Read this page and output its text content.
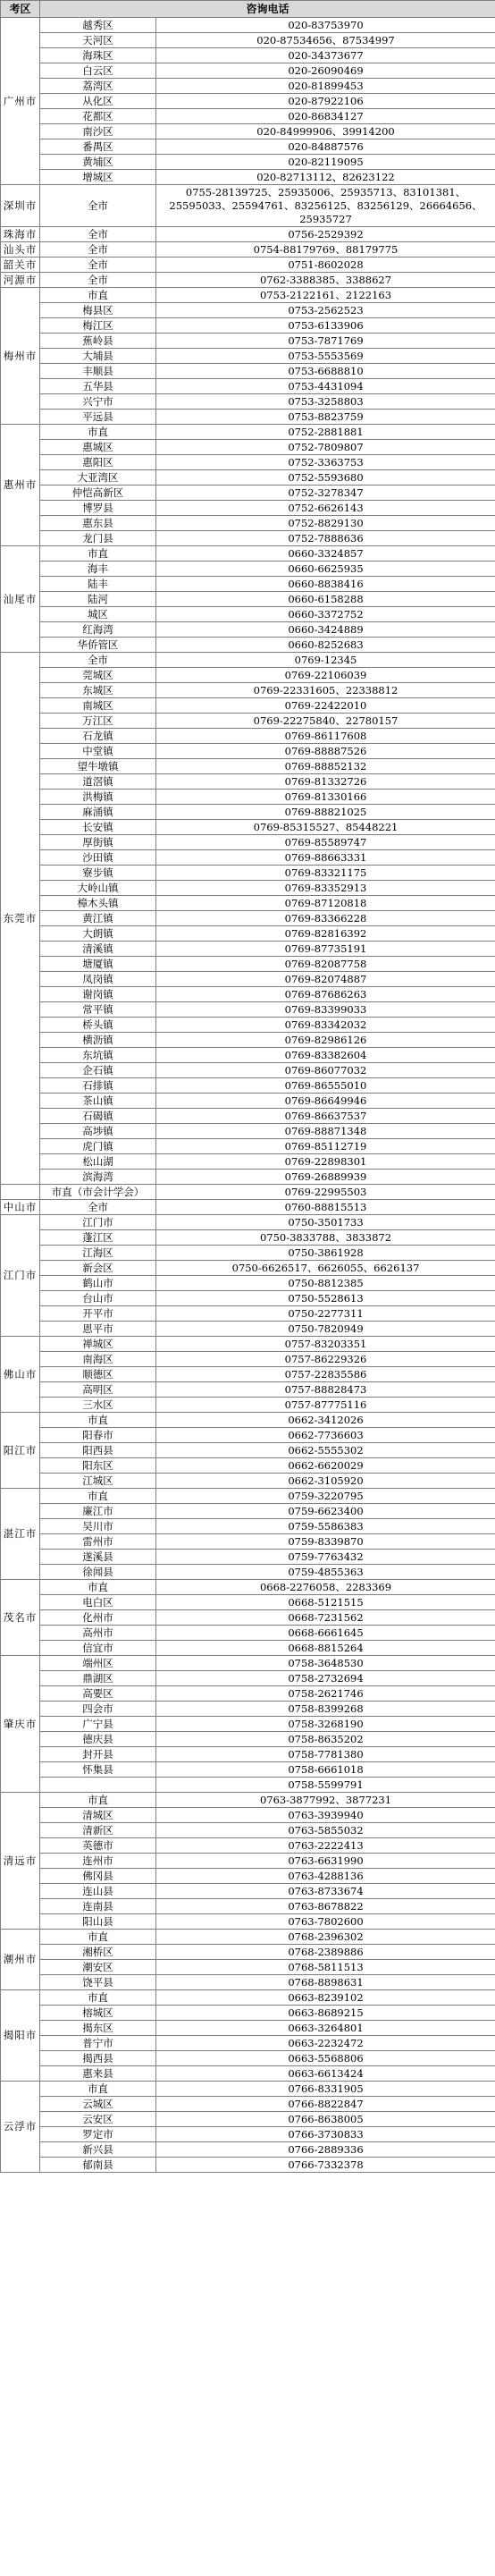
考区	咨询电话	
广州市	越秀区	020-83753970
	天河区	020-87534656、87534997
	海珠区	020-34373677
	白云区	020-26090469
	荔湾区	020-81899453
	从化区	020-87922106
	花都区	020-86834127
	南沙区	020-84999906、39914200
	番禺区	020-84887576
	黄埔区	020-82119095
	增城区	020-82713112、82623122
深圳市	全市	0755-28139725、25935006、25935713、83101381、25595033、25594761、83256125、83256129、26664656、25935727
珠海市	全市	0756-2529392
汕头市	全市	0754-88179769、88179775
韶关市	全市	0751-8602028
河源市	全市	0762-3388385、3388627
梅州市	市直	0753-2122161、2122163
	梅县区	0753-2562523
	梅江区	0753-6133906
	蕉岭县	0753-7871769
	大埔县	0753-5553569
	丰顺县	0753-6688810
	五华县	0753-4431094
	兴宁市	0753-3258803
	平远县	0753-8823759
惠州市	市直	0752-2881881
	惠城区	0752-7809807
	惠阳区	0752-3363753
	大亚湾区	0752-5593680
	仲恺高新区	0752-3278347
	博罗县	0752-6626143
	惠东县	0752-8829130
	龙门县	0752-7888636
汕尾市	市直	0660-3324857
	海丰	0660-6625935
	陆丰	0660-8838416
	陆河	0660-6158288
	城区	0660-3372752
	红海湾	0660-3424889
	华侨管区	0660-8252683
东莞市	全市	0769-12345
	莞城区	0769-22106039
	东城区	0769-22331605、22338812
	南城区	0769-22422010
	万江区	0769-22275840、22780157
	石龙镇	0769-86117608
	中堂镇	0769-88887526
	望牛墩镇	0769-88852132
	道滘镇	0769-81332726
	洪梅镇	0769-81330166
	麻涌镇	0769-88821025
	长安镇	0769-85315527、85448221
	厚街镇	0769-85589747
	沙田镇	0769-88663331
	寮步镇	0769-83321175
	大岭山镇	0769-83352913
	樟木头镇	0769-87120818
	黄江镇	0769-83366228
	大朗镇	0769-82816392
	清溪镇	0769-87735191
	塘厦镇	0769-82087758
	凤岗镇	0769-82074887
	谢岗镇	0769-87686263
	常平镇	0769-83399033
	桥头镇	0769-83342032
	横沥镇	0769-82986126
	东坑镇	0769-83382604
	企石镇	0769-86077032
	石排镇	0769-86555010
	茶山镇	0769-86649946
	石碣镇	0769-86637537
	高埗镇	0769-88871348
	虎门镇	0769-85112719
	松山湖	0769-22898301
	滨海湾	0769-26889939
	市直（市会计学会）	0769-22995503
中山市	全市	0760-88815513
江门市	江门市	0750-3501733
	蓬江区	0750-3833788、3833872
	江海区	0750-3861928
	新会区	0750-6626517、6626055、6626137
	鹤山市	0750-8812385
	台山市	0750-5528613
	开平市	0750-2277311
	恩平市	0750-7820949
佛山市	禅城区	0757-83203351
	南海区	0757-86229326
	顺德区	0757-22835586
	高明区	0757-88828473
	三水区	0757-87775116
阳江市	市直	0662-3412026
	阳春市	0662-7736603
	阳西县	0662-5555302
	阳东区	0662-6620029
	江城区	0662-3105920
湛江市	市直	0759-3220795
	廉江市	0759-6623400
	吴川市	0759-5586383
	雷州市	0759-8339870
	遂溪县	0759-7763432
	徐闻县	0759-4855363
茂名市	市直	0668-2276058、2283369
	电白区	0668-5121515
	化州市	0668-7231562
	高州市	0668-6661645
	信宜市	0668-8815264
肇庆市	端州区	0758-3648530
	鼎湖区	0758-2732694
	高要区	0758-2621746
	四会市	0758-8399268
	广宁县	0758-3268190
	德庆县	0758-8635202
	封开县	0758-7781380
	怀集县	0758-6661018
		0758-5599791
清远市	市直	0763-3877992、3877231
	清城区	0763-3939940
	清新区	0763-5855032
	英德市	0763-2222413
	连州市	0763-6631990
	佛冈县	0763-4288136
	连山县	0763-8733674
	连南县	0763-8678822
	阳山县	0763-7802600
潮州市	市直	0768-2396302
	湘桥区	0768-2389886
	潮安区	0768-5811513
	饶平县	0768-8898631
揭阳市	市直	0663-8239102
	榕城区	0663-8689215
	揭东区	0663-3264801
	普宁市	0663-2232472
	揭西县	0663-5568806
	惠来县	0663-6613424
云浮市	市直	0766-8331905
	云城区	0766-8822847
	云安区	0766-8638005
	罗定市	0766-3730833
	新兴县	0766-2889336
	郁南县	0766-7332378
